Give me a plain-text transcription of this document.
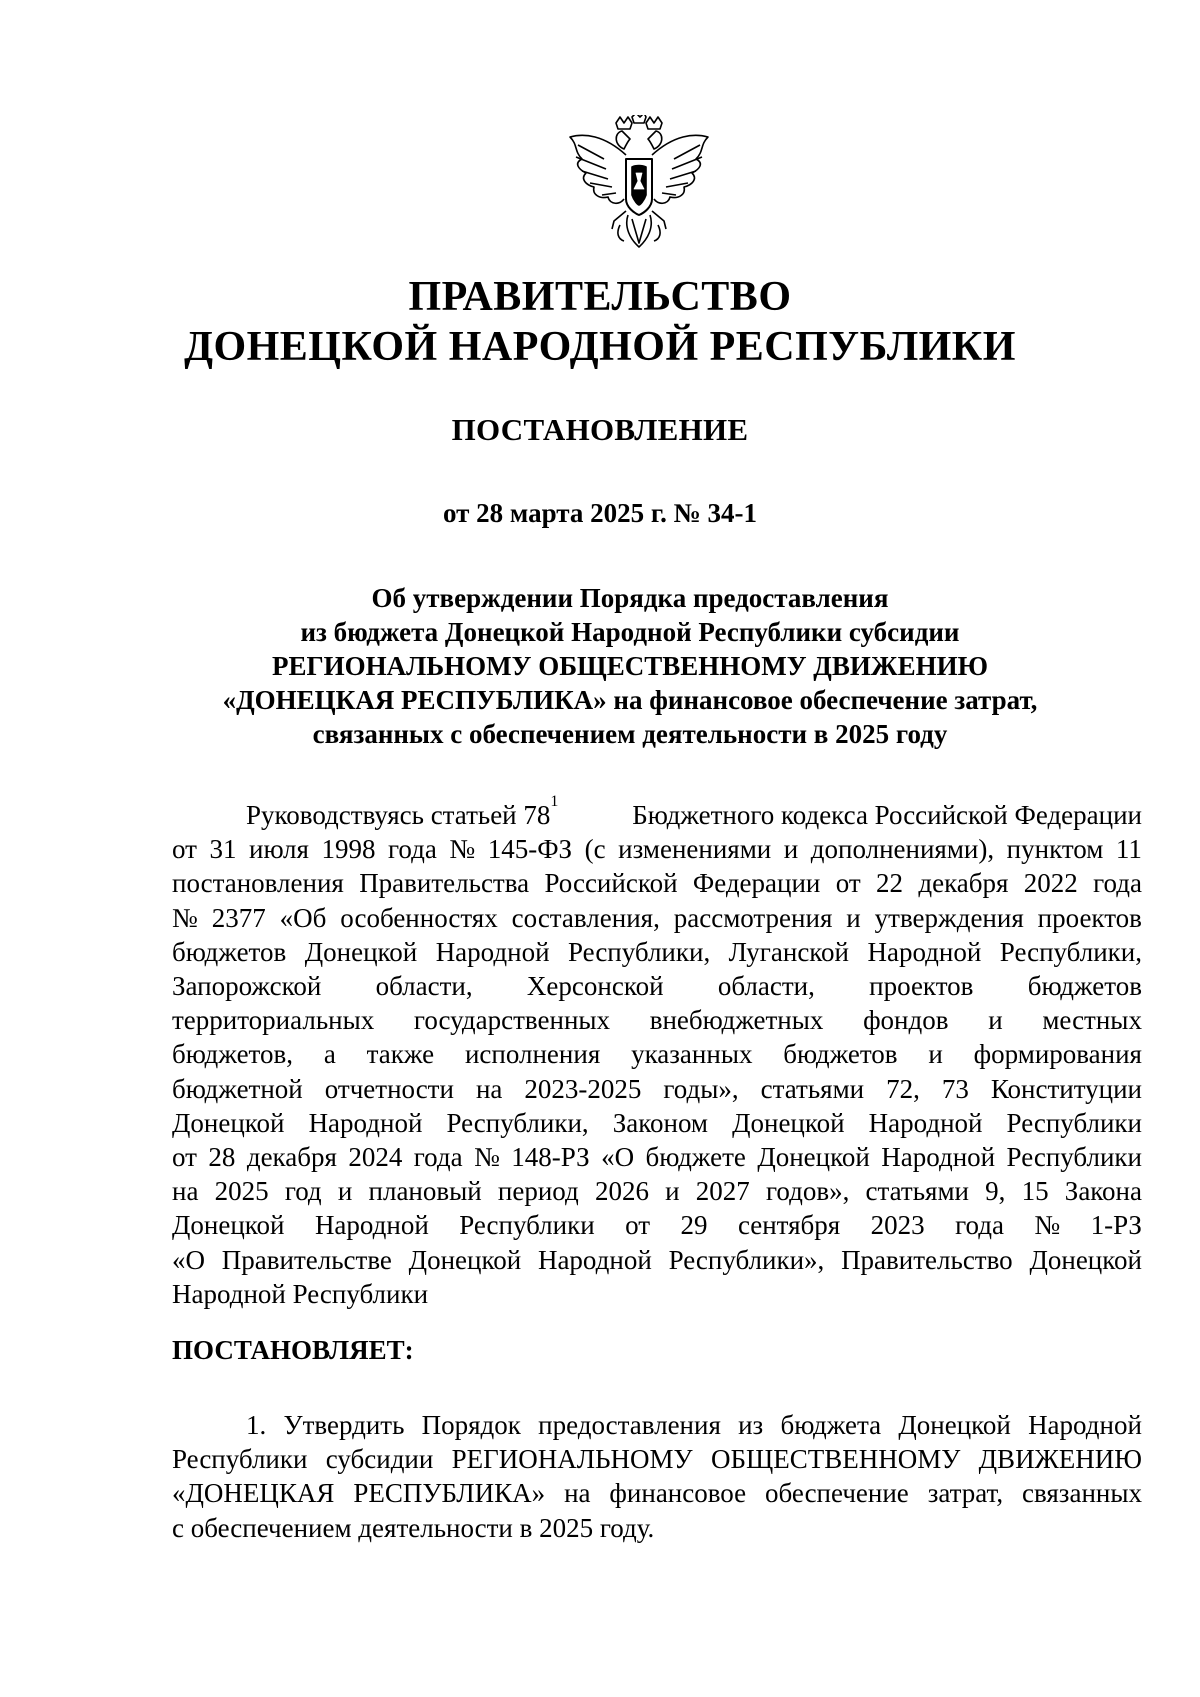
ПРАВИТЕЛЬСТВО
ДОНЕЦКОЙ НАРОДНОЙ РЕСПУБЛИКИ
ПОСТАНОВЛЕНИЕ
от 28 марта 2025 г. № 34-1
Об утверждении Порядка предоставления
из бюджета Донецкой Народной Республики субсидии
РЕГИОНАЛЬНОМУ ОБЩЕСТВЕННОМУ ДВИЖЕНИЮ
«ДОНЕЦКАЯ РЕСПУБЛИКА» на финансовое обеспечение затрат,
связанных с обеспечением деятельности в 2025 году
Руководствуясь статьей $78^1$	Бюджетного кодекса Российской Федерации
от 31 июля 1998 года № 145-ФЗ (с изменениями и дополнениями), пунктом 11
постановления Правительства Российской Федерации от 22 декабря 2022 года
№ 2377 «Об особенностях составления, рассмотрения и утверждения проектов
бюджетов Донецкой Народной Республики, Луганской Народной Республики,
Запорожской области, Херсонской области, проектов бюджетов
территориальных государственных внебюджетных фондов и местных
бюджетов, а также исполнения указанных бюджетов и формирования
бюджетной отчетности на 2023-2025 годы», статьями 72, 73 Конституции
Донецкой Народной Республики, Законом Донецкой Народной Республики
от 28 декабря 2024 года № 148-РЗ «О бюджете Донецкой Народной Республики
на 2025 год и плановый период 2026 и 2027 годов», статьями 9, 15 Закона
Донецкой Народной Республики от 29 сентября 2023 года № 1-РЗ
«О Правительстве Донецкой Народной Республики», Правительство Донецкой
Народной Республики
ПОСТАНОВЛЯЕТ:
1. Утвердить Порядок предоставления из бюджета Донецкой Народной
Республики субсидии РЕГИОНАЛЬНОМУ ОБЩЕСТВЕННОМУ ДВИЖЕНИЮ
«ДОНЕЦКАЯ РЕСПУБЛИКА» на финансовое обеспечение затрат, связанных
с обеспечением деятельности в 2025 году.
